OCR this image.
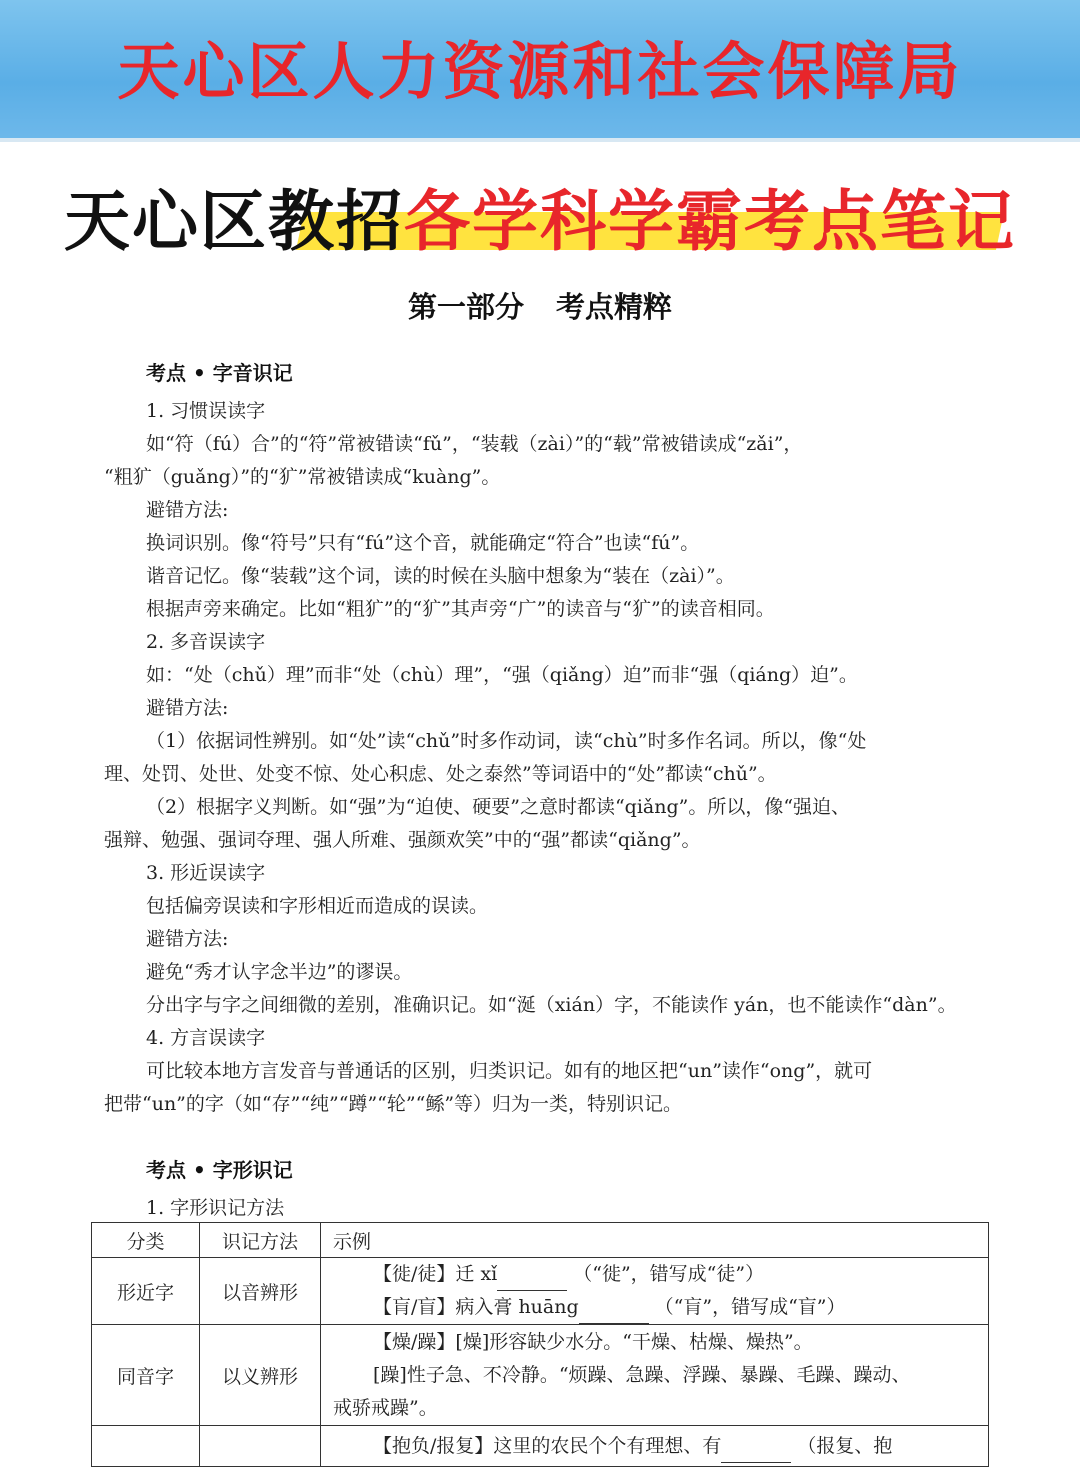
天心区人力资源和社会保障局
天心区教招各学科学霸考点笔记
第一部分 考点精粹
考点 • 字音识记
1. 习惯误读字
如“符（fú）合”的“符”常被错读“fǔ”，“装载（zài）”的“载”常被错读成“zǎi”，
“粗犷（guǎng）”的“犷”常被错读成“kuàng”。
避错方法:
换词识别。像“符号”只有“fú”这个音，就能确定“符合”也读“fú”。
谐音记忆。像“装载”这个词，读的时候在头脑中想象为“装在（zài）”。
根据声旁来确定。比如“粗犷”的“犷”其声旁“广”的读音与“犷”的读音相同。
2. 多音误读字
如：“处（chǔ）理”而非“处（chù）理”，“强（qiǎng）迫”而非“强（qiáng）迫”。
避错方法:
（1）依据词性辨别。如“处”读“chǔ”时多作动词，读“chù”时多作名词。所以，像“处
理、处罚、处世、处变不惊、处心积虑、处之泰然”等词语中的“处”都读“chǔ”。
（2）根据字义判断。如“强”为“迫使、硬要”之意时都读“qiǎng”。所以，像“强迫、
强辩、勉强、强词夺理、强人所难、强颜欢笑”中的“强”都读“qiǎng”。
3. 形近误读字
包括偏旁误读和字形相近而造成的误读。
避错方法:
避免“秀才认字念半边”的谬误。
分出字与字之间细微的差别，准确识记。如“涎（xián）字，不能读作 yán，也不能读作“dàn”。
4. 方言误读字
可比较本地方言发音与普通话的区别，归类识记。如有的地区把“un”读作“ong”，就可
把带“un”的字（如“存”“纯”“蹲”“轮”“鲧”等）归为一类，特别识记。
考点 • 字形识记
1. 字形识记方法
分类	识记方法	示例
形近字	以音辨形	【徙/徒】迁 xǐ （“徙”，错写成“徒”）
【肓/盲】病入膏 huāng （“肓”，错写成“盲”）

同音字	以义辨形	【燥/躁】[燥]形容缺少水分。“干燥、枯燥、燥热”。
[躁]性子急、不冷静。“烦躁、急躁、浮躁、暴躁、毛躁、躁动、
戒骄戒躁”。

		【抱负/报复】这里的农民个个有理想、有 （报复、抱
